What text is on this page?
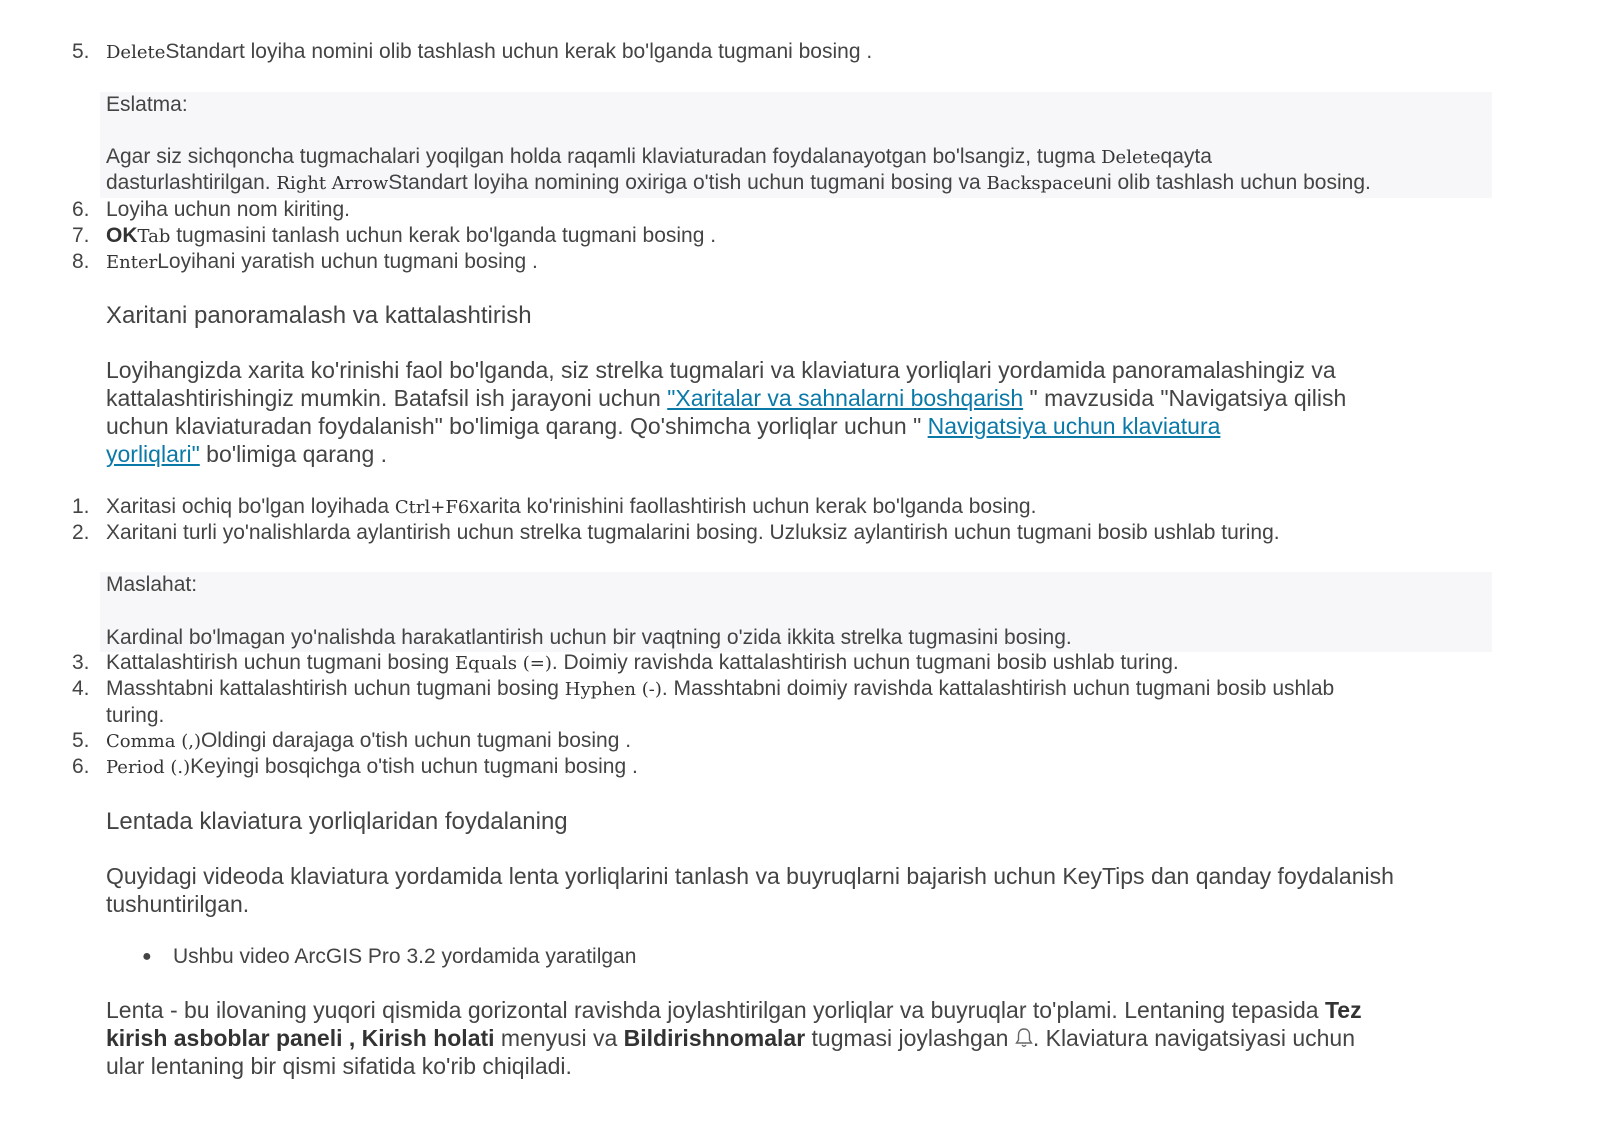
5. DeleteStandart loyiha nomini olib tashlash uchun kerak bo'lganda tugmani bosing .
Eslatma:
Agar siz sichqoncha tugmachalari yoqilgan holda raqamli klaviaturadan foydalanayotgan bo'lsangiz, tugma Deleteqayta
dasturlashtirilgan. Right ArrowStandart loyiha nomining oxiriga o'tish uchun tugmani bosing va Backspaceuni olib tashlash uchun bosing.
6. Loyiha uchun nom kiriting.
7. OKTab tugmasini tanlash uchun kerak bo'lganda tugmani bosing .
8. EnterLoyihani yaratish uchun tugmani bosing .
Xaritani panoramalash va kattalashtirish
Loyihangizda xarita ko'rinishi faol bo'lganda, siz strelka tugmalari va klaviatura yorliqlari yordamida panoramalashingiz va
kattalashtirishingiz mumkin. Batafsil ish jarayoni uchun "Xaritalar va sahnalarni boshqarish " mavzusida "Navigatsiya qilish
uchun klaviaturadan foydalanish" bo'limiga qarang. Qo'shimcha yorliqlar uchun " Navigatsiya uchun klaviatura
yorliqlari" bo'limiga qarang .
1. Xaritasi ochiq bo'lgan loyihada Ctrl+F6xarita ko'rinishini faollashtirish uchun kerak bo'lganda bosing.
2. Xaritani turli yo'nalishlarda aylantirish uchun strelka tugmalarini bosing. Uzluksiz aylantirish uchun tugmani bosib ushlab turing.
Maslahat:
Kardinal bo'lmagan yo'nalishda harakatlantirish uchun bir vaqtning o'zida ikkita strelka tugmasini bosing.
3. Kattalashtirish uchun tugmani bosing Equals (=). Doimiy ravishda kattalashtirish uchun tugmani bosib ushlab turing.
4. Masshtabni kattalashtirish uchun tugmani bosing Hyphen (-). Masshtabni doimiy ravishda kattalashtirish uchun tugmani bosib ushlab
turing.
5. Comma (,)Oldingi darajaga o'tish uchun tugmani bosing .
6. Period (.)Keyingi bosqichga o'tish uchun tugmani bosing .
Lentada klaviatura yorliqlaridan foydalaning
Quyidagi videoda klaviatura yordamida lenta yorliqlarini tanlash va buyruqlarni bajarish uchun KeyTips dan qanday foydalanish
tushuntirilgan.
● Ushbu video ArcGIS Pro 3.2 yordamida yaratilgan
Lenta - bu ilovaning yuqori qismida gorizontal ravishda joylashtirilgan yorliqlar va buyruqlar to'plami. Lentaning tepasida Tez
kirish asboblar paneli , Kirish holati menyusi va Bildirishnomalar tugmasi joylashgan . Klaviatura navigatsiyasi uchun
ular lentaning bir qismi sifatida ko'rib chiqiladi.
